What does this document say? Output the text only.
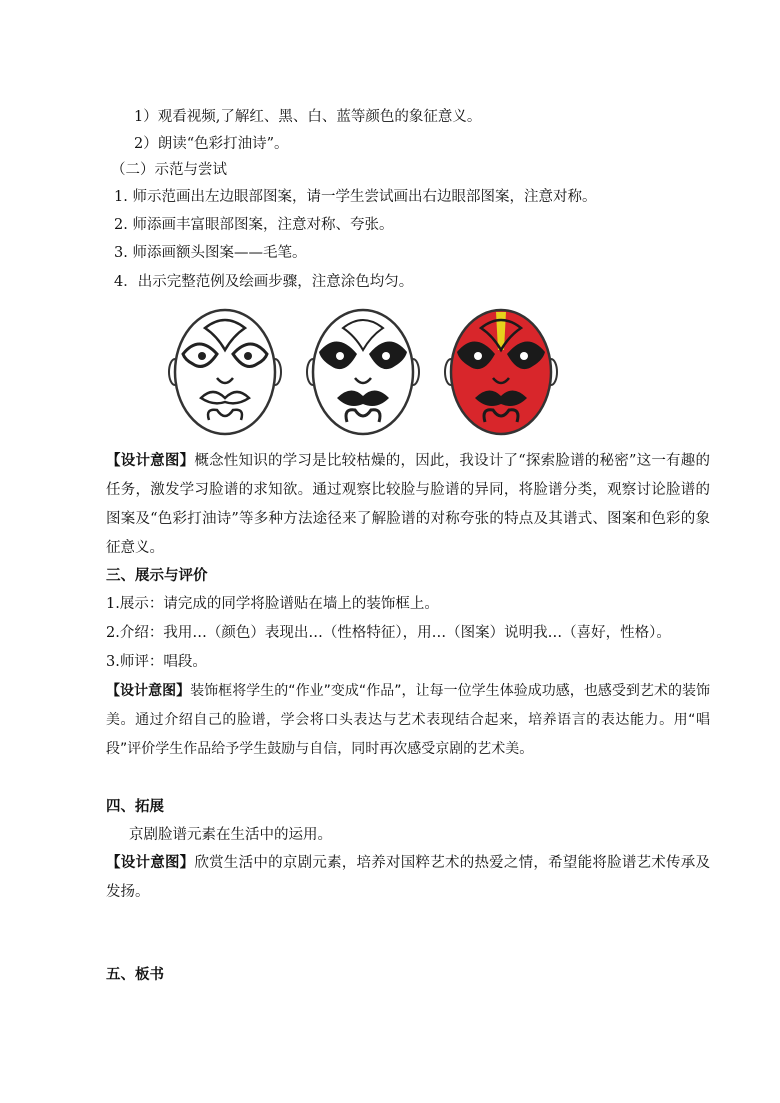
1）观看视频,了解红、黑、白、蓝等颜色的象征意义。
2）朗读“色彩打油诗”。
（二）示范与尝试
1. 师示范画出左边眼部图案，请一学生尝试画出右边眼部图案，注意对称。
2. 师添画丰富眼部图案，注意对称、夸张。
3. 师添画额头图案——毛笔。
4．出示完整范例及绘画步骤，注意涂色均匀。
【设计意图】概念性知识的学习是比较枯燥的，因此，我设计了“探索脸谱的秘密”这一有趣的任务，激发学习脸谱的求知欲。通过观察比较脸与脸谱的异同，将脸谱分类，观察讨论脸谱的图案及“色彩打油诗”等多种方法途径来了解脸谱的对称夸张的特点及其谱式、图案和色彩的象征意义。
三、展示与评价
1.展示：请完成的同学将脸谱贴在墙上的装饰框上。
2.介绍：我用…（颜色）表现出…（性格特征），用…（图案）说明我…（喜好，性格）。
3.师评：唱段。
【设计意图】装饰框将学生的“作业”变成“作品”，让每一位学生体验成功感，也感受到艺术的装饰美。通过介绍自己的脸谱，学会将口头表达与艺术表现结合起来，培养语言的表达能力。用“唱段”评价学生作品给予学生鼓励与自信，同时再次感受京剧的艺术美。
四、拓展
京剧脸谱元素在生活中的运用。
【设计意图】欣赏生活中的京剧元素，培养对国粹艺术的热爱之情，希望能将脸谱艺术传承及发扬。
五、板书
